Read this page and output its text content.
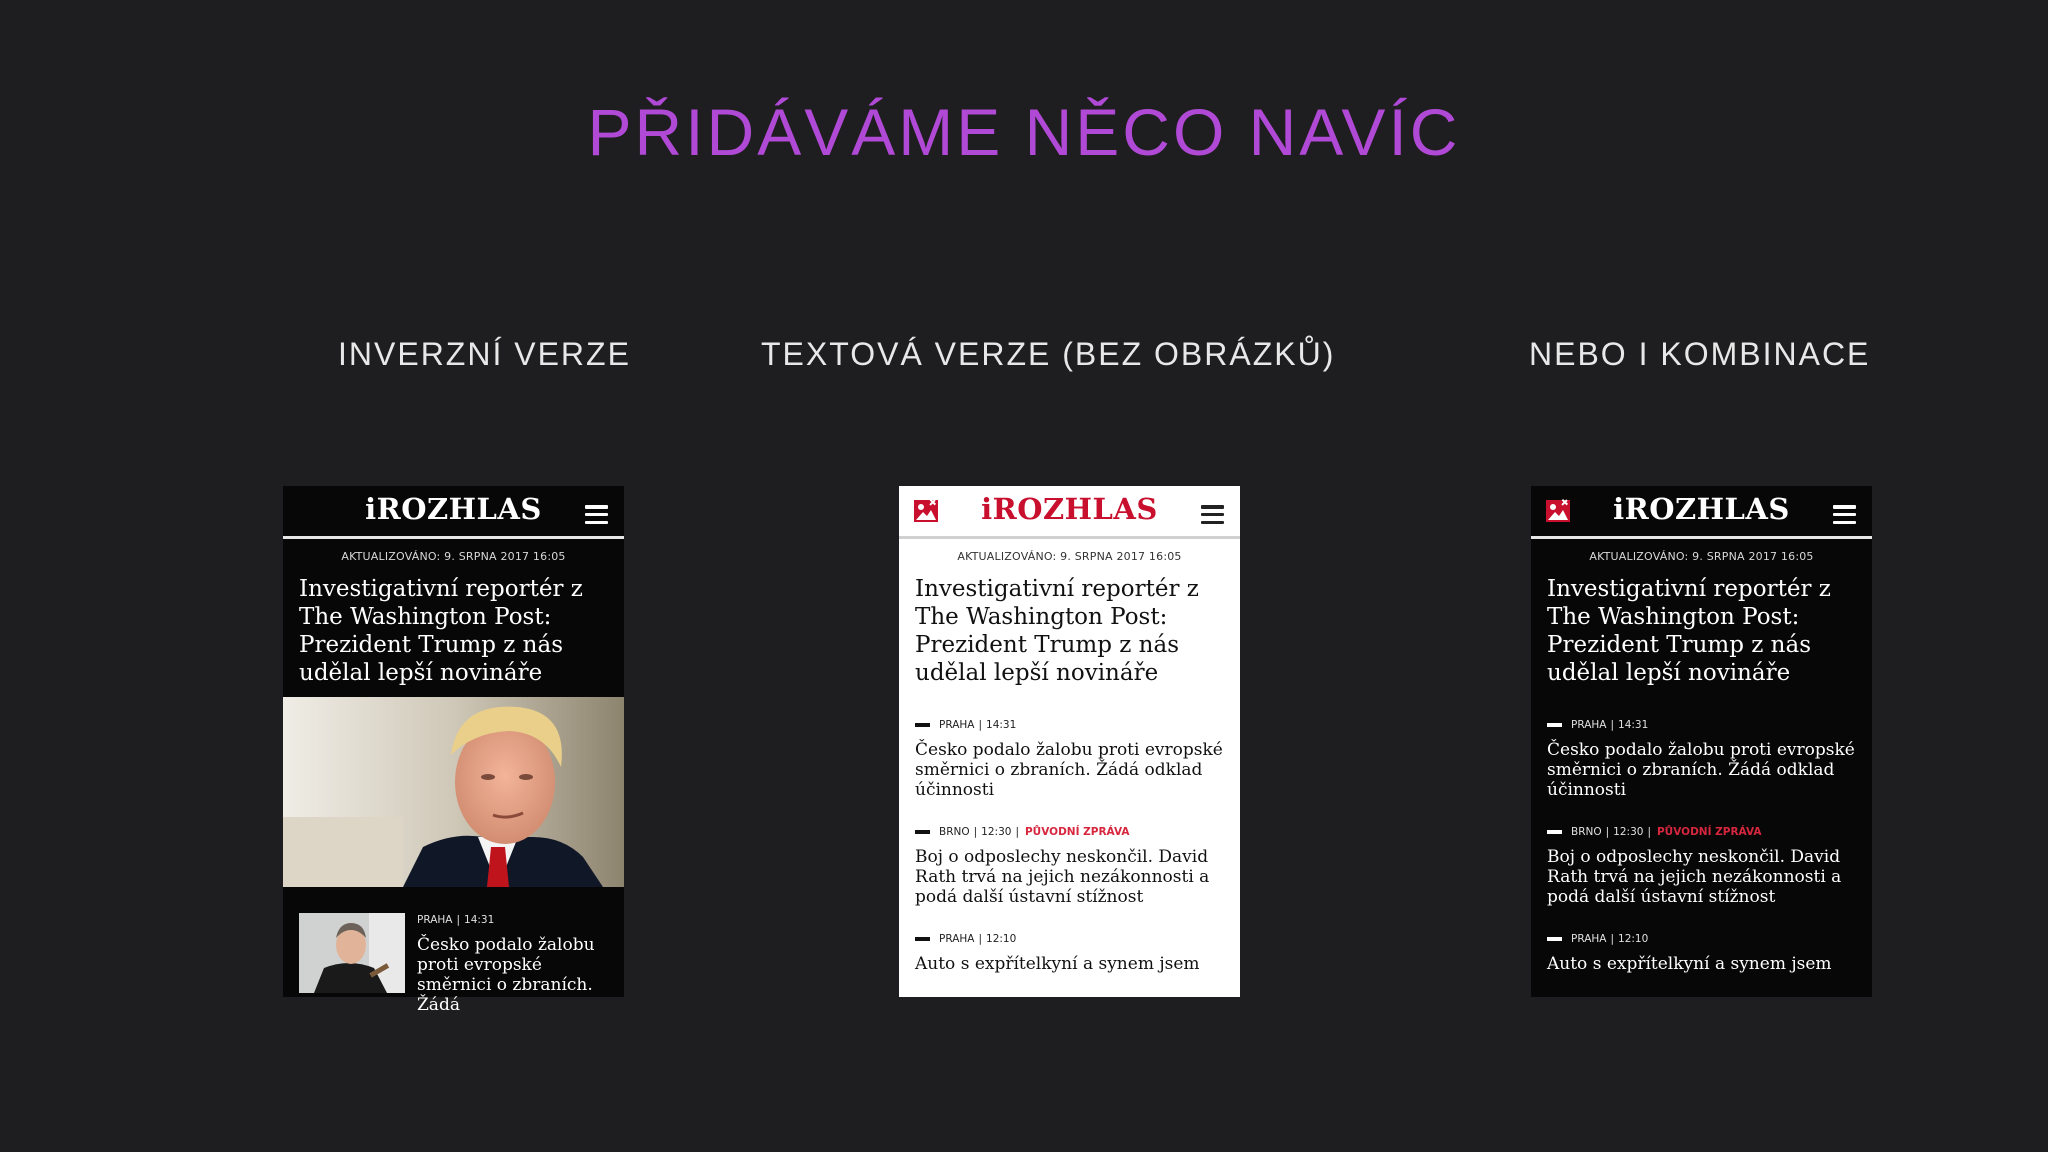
PŘIDÁVÁME NĚCO NAVÍC
INVERZNÍ VERZE	TEXTOVÁ VERZE (BEZ OBRÁZKŮ)	NEBO I KOMBINACE
iROZHLAS
AKTUALIZOVÁNO: 9. SRPNA 2017 16:05
Investigativní reportér z The Washington Post: Prezident Trump z nás udělal lepší novináře
PRAHA | 14:31
Česko podalo žalobu proti evropské směrnici o zbraních. Žádá
iROZHLAS
AKTUALIZOVÁNO: 9. SRPNA 2017 16:05
Investigativní reportér z The Washington Post: Prezident Trump z nás udělal lepší novináře
PRAHA | 14:31
Česko podalo žalobu proti evropské směrnici o zbraních. Žádá odklad účinnosti
BRNO | 12:30 | PŮVODNÍ ZPRÁVA
Boj o odposlechy neskončil. David Rath trvá na jejich nezákonnosti a podá další ústavní stížnost
PRAHA | 12:10
Auto s expřítelkyní a synem jsem
iROZHLAS
AKTUALIZOVÁNO: 9. SRPNA 2017 16:05
Investigativní reportér z The Washington Post: Prezident Trump z nás udělal lepší novináře
PRAHA | 14:31
Česko podalo žalobu proti evropské směrnici o zbraních. Žádá odklad účinnosti
BRNO | 12:30 | PŮVODNÍ ZPRÁVA
Boj o odposlechy neskončil. David Rath trvá na jejich nezákonnosti a podá další ústavní stížnost
PRAHA | 12:10
Auto s expřítelkyní a synem jsem
